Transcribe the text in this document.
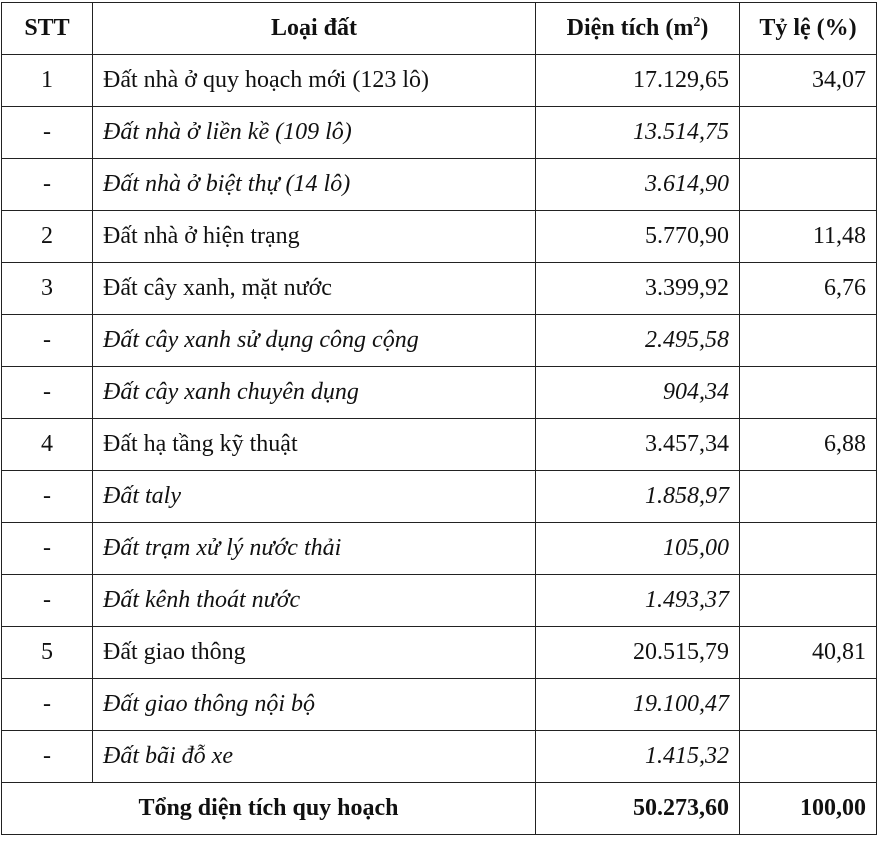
STT	Loại đất	Diện tích $(m^2)$	Tỷ lệ (%)
1	Đất nhà ở quy hoạch mới (123 lô)	17.129,65	34,07
-	Đất nhà ở liền kề (109 lô)	13.514,75	
-	Đất nhà ở biệt thự (14 lô)	3.614,90	
2	Đất nhà ở hiện trạng	5.770,90	11,48
3	Đất cây xanh, mặt nước	3.399,92	6,76
-	Đất cây xanh sử dụng công cộng	2.495,58	
-	Đất cây xanh chuyên dụng	904,34	
4	Đất hạ tầng kỹ thuật	3.457,34	6,88
-	Đất taly	1.858,97	
-	Đất trạm xử lý nước thải	105,00	
-	Đất kênh thoát nước	1.493,37	
5	Đất giao thông	20.515,79	40,81
-	Đất giao thông nội bộ	19.100,47	
-	Đất bãi đỗ xe	1.415,32	
Tổng diện tích quy hoạch		50.273,60	100,00
